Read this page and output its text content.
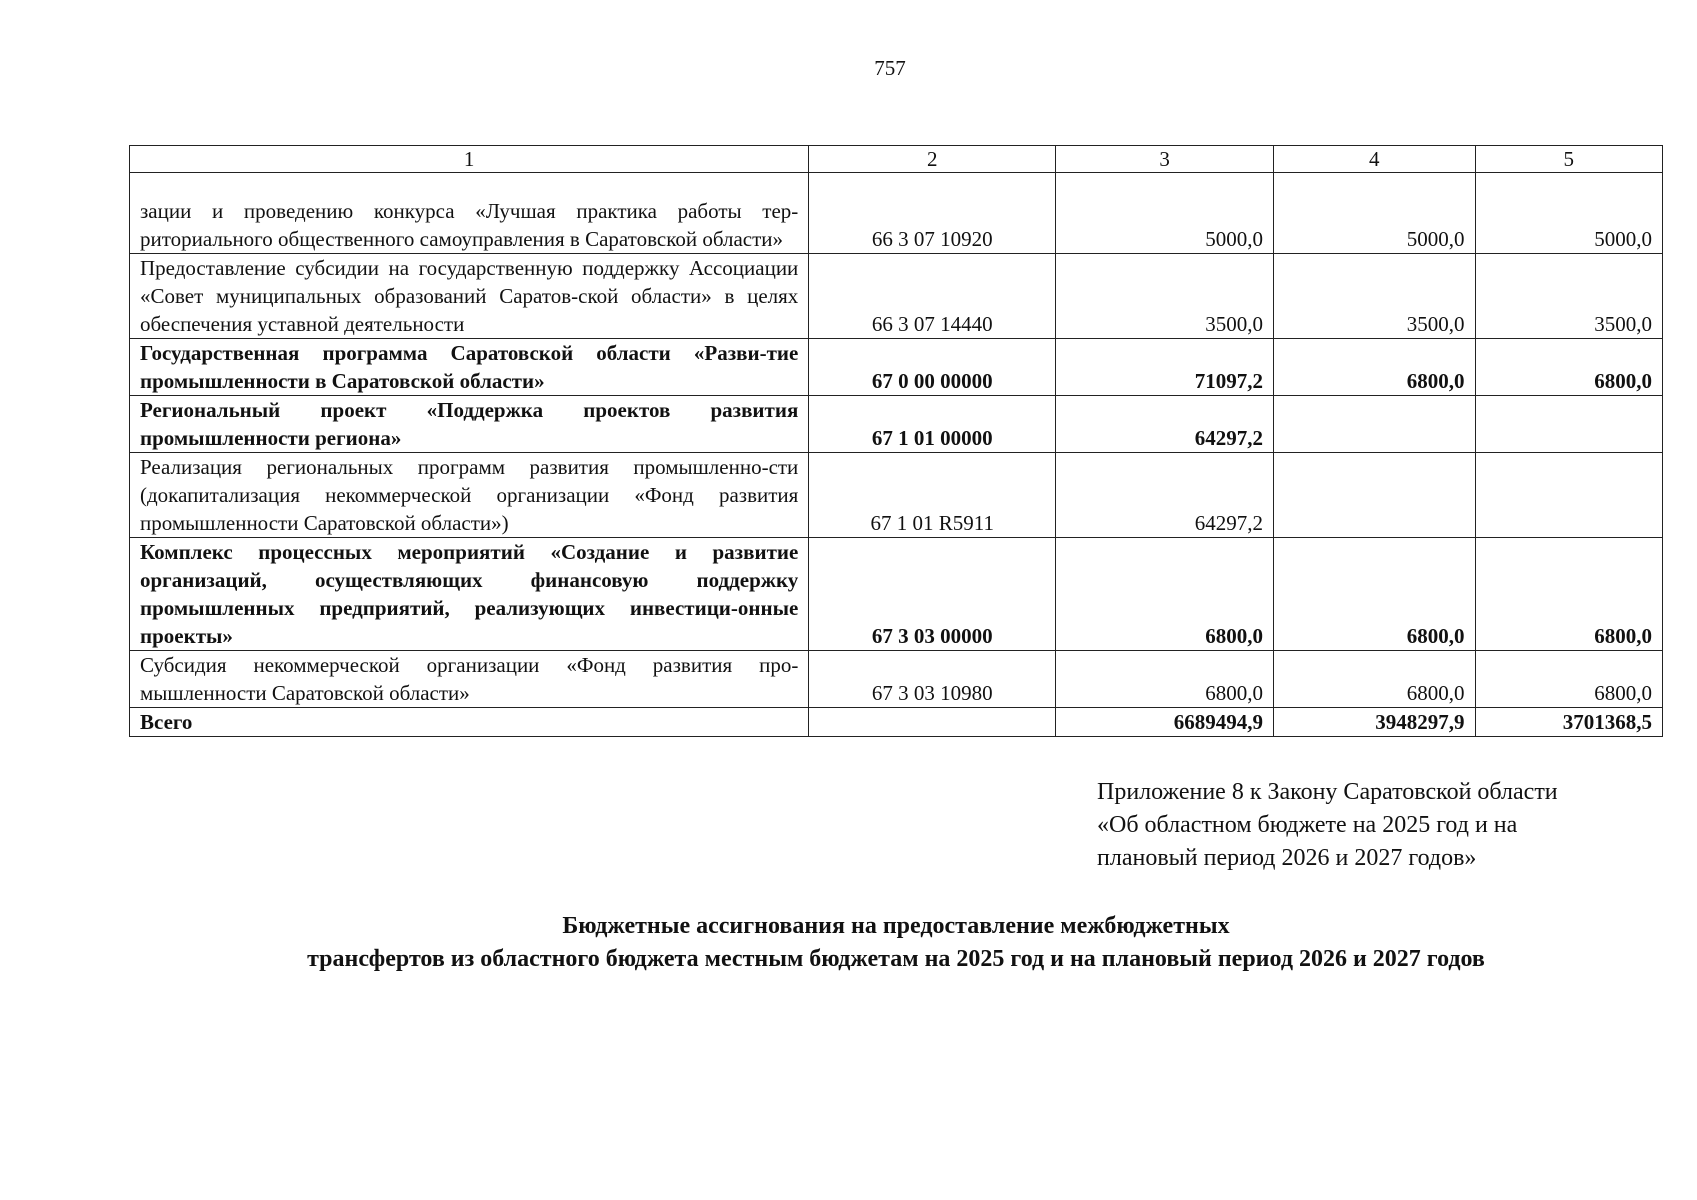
757
1	2	3	4	5
зации и проведению конкурса «Лучшая практика работы тер-риториального общественного самоуправления в Саратовской области»	66 3 07 10920	5000,0	5000,0	5000,0
Предоставление субсидии на государственную поддержку Ассоциации «Совет муниципальных образований Саратов-ской области» в целях обеспечения уставной деятельности	66 3 07 14440	3500,0	3500,0	3500,0
Государственная программа Саратовской области «Разви-тие промышленности в Саратовской области»	67 0 00 00000	71097,2	6800,0	6800,0
Региональный проект «Поддержка проектов развития промышленности региона»	67 1 01 00000	64297,2		
Реализация региональных программ развития промышленно-сти (докапитализация некоммерческой организации «Фонд развития промышленности Саратовской области»)	67 1 01 R5911	64297,2		
Комплекс процессных мероприятий «Создание и развитие организаций, осуществляющих финансовую поддержку промышленных предприятий, реализующих инвестици-онные проекты»	67 3 03 00000	6800,0	6800,0	6800,0
Субсидия некоммерческой организации «Фонд развития про-мышленности Саратовской области»	67 3 03 10980	6800,0	6800,0	6800,0
Всего		6689494,9	3948297,9	3701368,5
Приложение 8 к Закону Саратовской области
«Об областном бюджете на 2025 год и на
плановый период 2026 и 2027 годов»
Бюджетные ассигнования на предоставление межбюджетных
трансфертов из областного бюджета местным бюджетам на 2025 год и на плановый период 2026 и 2027 годов
